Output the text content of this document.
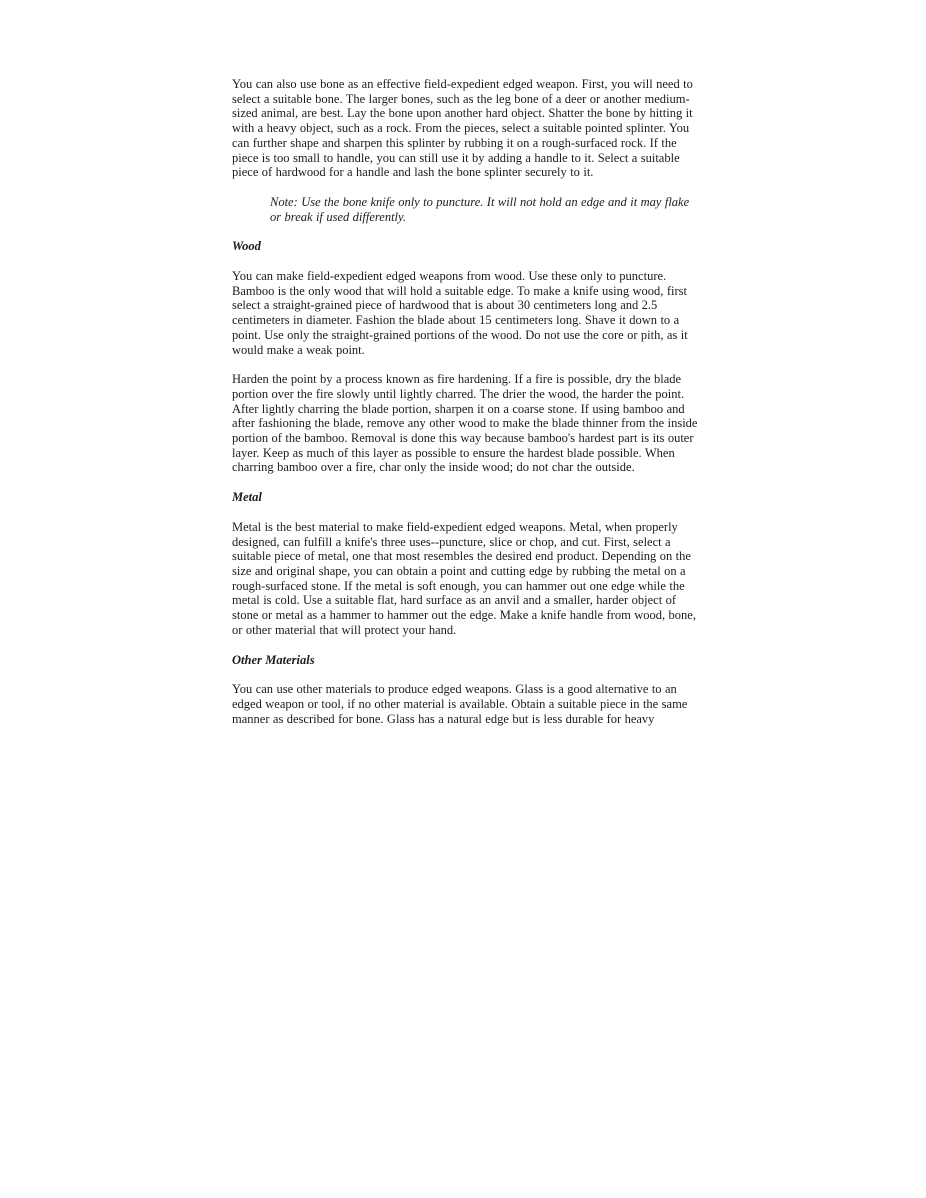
You can also use bone as an effective field-expedient edged weapon. First, you will need to select a suitable bone. The larger bones, such as the leg bone of a deer or another medium-sized animal, are best. Lay the bone upon another hard object. Shatter the bone by hitting it with a heavy object, such as a rock. From the pieces, select a suitable pointed splinter. You can further shape and sharpen this splinter by rubbing it on a rough-surfaced rock. If the piece is too small to handle, you can still use it by adding a handle to it. Select a suitable piece of hardwood for a handle and lash the bone splinter securely to it.

Note: Use the bone knife only to puncture. It will not hold an edge and it may flake or break if used differently.

Wood

You can make field-expedient edged weapons from wood. Use these only to puncture. Bamboo is the only wood that will hold a suitable edge. To make a knife using wood, first select a straight-grained piece of hardwood that is about 30 centimeters long and 2.5 centimeters in diameter. Fashion the blade about 15 centimeters long. Shave it down to a point. Use only the straight-grained portions of the wood. Do not use the core or pith, as it would make a weak point.

Harden the point by a process known as fire hardening. If a fire is possible, dry the blade portion over the fire slowly until lightly charred. The drier the wood, the harder the point. After lightly charring the blade portion, sharpen it on a coarse stone. If using bamboo and after fashioning the blade, remove any other wood to make the blade thinner from the inside portion of the bamboo. Removal is done this way because bamboo's hardest part is its outer layer. Keep as much of this layer as possible to ensure the hardest blade possible. When charring bamboo over a fire, char only the inside wood; do not char the outside.

Metal

Metal is the best material to make field-expedient edged weapons. Metal, when properly designed, can fulfill a knife's three uses--puncture, slice or chop, and cut. First, select a suitable piece of metal, one that most resembles the desired end product. Depending on the size and original shape, you can obtain a point and cutting edge by rubbing the metal on a rough-surfaced stone. If the metal is soft enough, you can hammer out one edge while the metal is cold. Use a suitable flat, hard surface as an anvil and a smaller, harder object of stone or metal as a hammer to hammer out the edge. Make a knife handle from wood, bone, or other material that will protect your hand.

Other Materials

You can use other materials to produce edged weapons. Glass is a good alternative to an edged weapon or tool, if no other material is available. Obtain a suitable piece in the same manner as described for bone. Glass has a natural edge but is less durable for heavy
